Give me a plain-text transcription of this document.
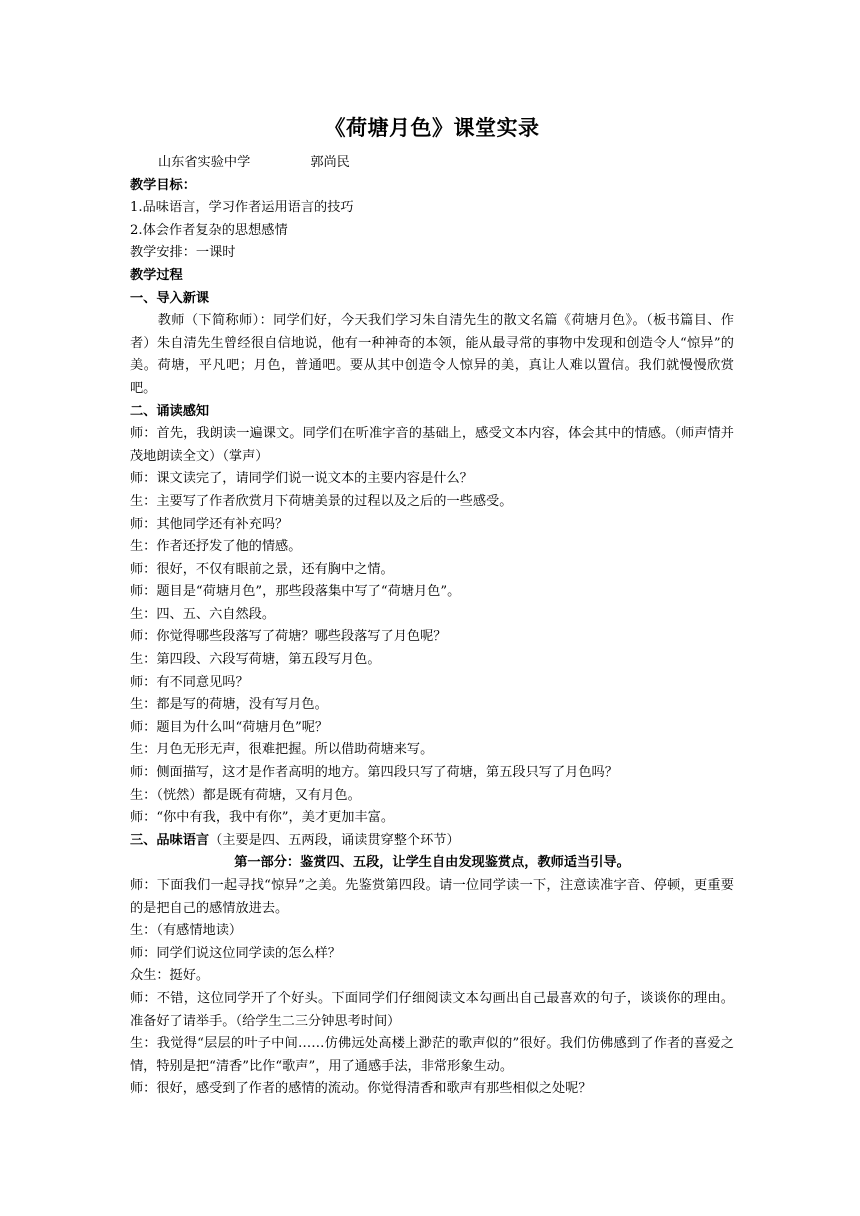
《荷塘月色》课堂实录
山东省实验中学	郭尚民
教学目标：
1.品味语言，学习作者运用语言的技巧
2.体会作者复杂的思想感情
教学安排：一课时
教学过程
一、导入新课
教师（下简称师）：同学们好，今天我们学习朱自清先生的散文名篇《荷塘月色》。（板书篇目、作者）朱自清先生曾经很自信地说，他有一种神奇的本领，能从最寻常的事物中发现和创造令人“惊异”的美。荷塘，平凡吧；月色，普通吧。要从其中创造令人惊异的美，真让人难以置信。我们就慢慢欣赏吧。
二、诵读感知
师：首先，我朗读一遍课文。同学们在听准字音的基础上，感受文本内容，体会其中的情感。（师声情并茂地朗读全文）（掌声）
师：课文读完了，请同学们说一说文本的主要内容是什么？
生：主要写了作者欣赏月下荷塘美景的过程以及之后的一些感受。
师：其他同学还有补充吗？
生：作者还抒发了他的情感。
师：很好，不仅有眼前之景，还有胸中之情。
师：题目是“荷塘月色”，那些段落集中写了“荷塘月色”。
生：四、五、六自然段。
师：你觉得哪些段落写了荷塘？哪些段落写了月色呢？
生：第四段、六段写荷塘，第五段写月色。
师：有不同意见吗？
生：都是写的荷塘，没有写月色。
师：题目为什么叫“荷塘月色”呢？
生：月色无形无声，很难把握。所以借助荷塘来写。
师：侧面描写，这才是作者高明的地方。第四段只写了荷塘，第五段只写了月色吗？
生：（恍然）都是既有荷塘，又有月色。
师：“你中有我，我中有你”，美才更加丰富。
三、品味语言（主要是四、五两段，诵读贯穿整个环节）
第一部分：鉴赏四、五段，让学生自由发现鉴赏点，教师适当引导。
师：下面我们一起寻找“惊异”之美。先鉴赏第四段。请一位同学读一下，注意读准字音、停顿，更重要的是把自己的感情放进去。
生：（有感情地读）
师：同学们说这位同学读的怎么样？
众生：挺好。
师：不错，这位同学开了个好头。下面同学们仔细阅读文本勾画出自己最喜欢的句子，谈谈你的理由。准备好了请举手。（给学生二三分钟思考时间）
生：我觉得“层层的叶子中间……仿佛远处高楼上渺茫的歌声似的”很好。我们仿佛感到了作者的喜爱之情，特别是把“清香”比作“歌声”，用了通感手法，非常形象生动。
师：很好，感受到了作者的感情的流动。你觉得清香和歌声有那些相似之处呢？
